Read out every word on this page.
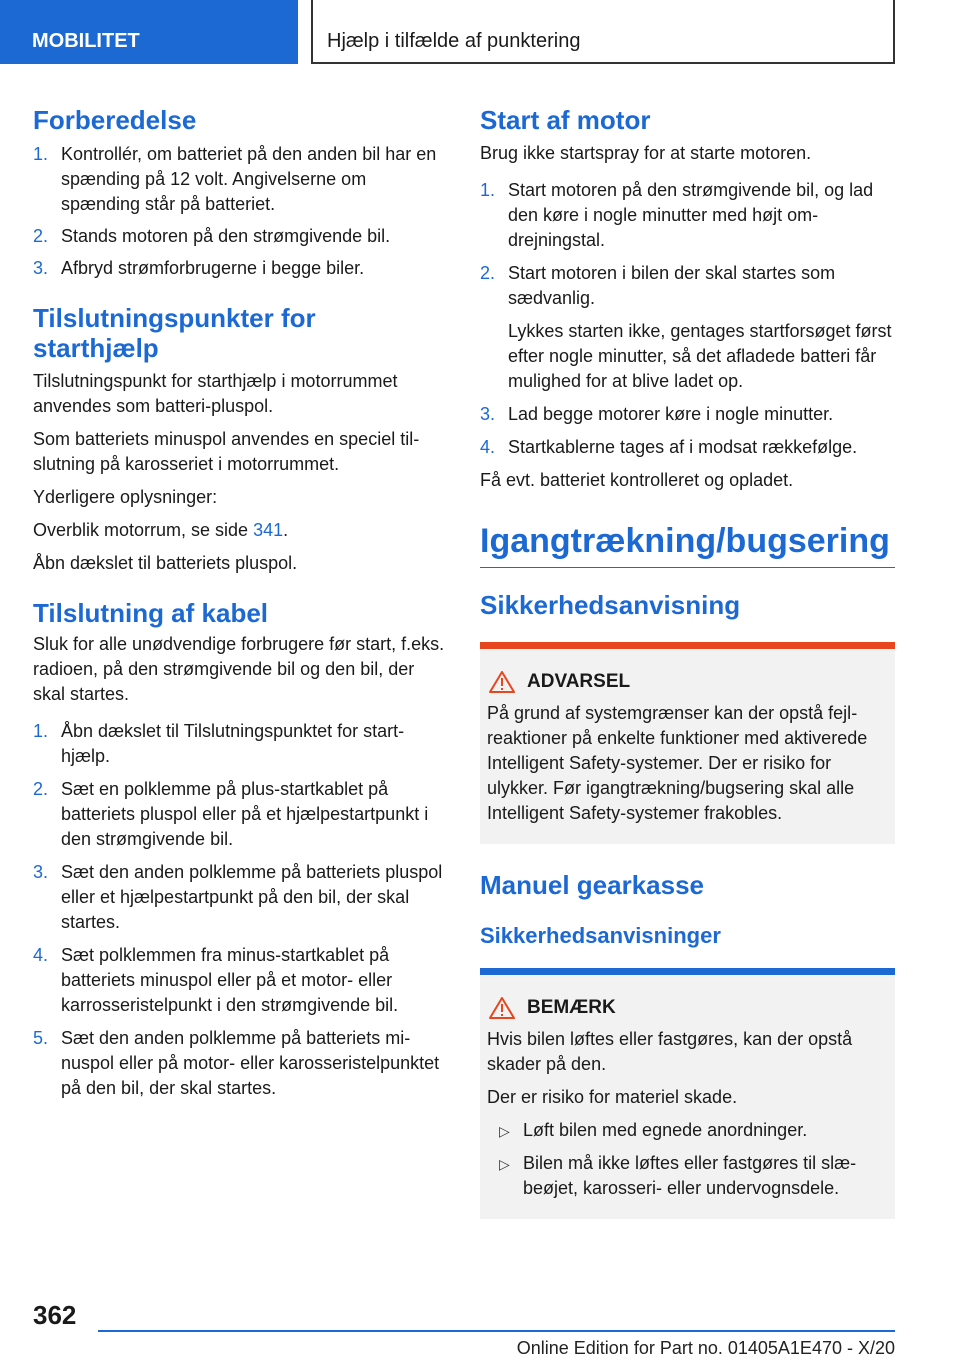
MOBILITET	Hjælp i tilfælde af punktering
Forberedelse
1. Kontrollér, om batteriet på den anden bil har en spænding på 12 volt. Angivelserne om spænding står på batteriet.
2. Stands motoren på den strømgivende bil.
3. Afbryd strømforbrugerne i begge biler.
Tilslutningspunkter for
starthjælp

Tilslutningspunkt for starthjælp i motorrummet anvendes som batteri-pluspol.

Som batteriets minuspol anvendes en speciel tilslutning på karosseriet i motorrummet.

Yderligere oplysninger:

Overblik motorrum, se side 341.

Åbn dækslet til batteriets pluspol.

Tilslutning af kabel

Sluk for alle unødvendige forbrugere før start, f.eks. radioen, på den strømgivende bil og den bil, der skal startes.

1. Åbn dækslet til Tilslutningspunktet for starthjælp.
2. Sæt en polklemme på plus-startkablet på batteriets pluspol eller på et hjælpestartpunkt i den strømgivende bil.
3. Sæt den anden polklemme på batteriets pluspol eller et hjælpestartpunkt på den bil, der skal startes.
4. Sæt polklemmen fra minus-startkablet på batteriets minuspol eller på et motor- eller karrosseristelpunkt i den strømgivende bil.
5. Sæt den anden polklemme på batteriets minuspol eller på motor- eller karosseristelpunktet på den bil, der skal startes.
Start af motor

Brug ikke startspray for at starte motoren.

1. Start motoren på den strømgivende bil, og lad den køre i nogle minutter med højt omdrejningstal.
2. Start motoren i bilen der skal startes som sædvanlig.
Lykkes starten ikke, gentages startforsøget først efter nogle minutter, så det afladede batteri får mulighed for at blive ladet op.
3. Lad begge motorer køre i nogle minutter.
4. Startkablerne tages af i modsat rækkefølge.

Få evt. batteriet kontrolleret og opladet.

Igangtrækning/bugsering
Sikkerhedsanvisning
ADVARSEL

På grund af systemgrænser kan der opstå fejlreaktioner på enkelte funktioner med aktiverede Intelligent Safety-systemer. Der er risiko for ulykker. Før igangtrækning/bugsering skal alle Intelligent Safety-systemer frakobles.

Manuel gearkasse
Sikkerhedsanvisninger
BEMÆRK

Hvis bilen løftes eller fastgøres, kan der opstå skader på den.

Der er risiko for materiel skade.

▷ Løft bilen med egnede anordninger.
▷ Bilen må ikke løftes eller fastgøres til slæbeøjet, karosseri- eller undervognsdele.
362
Online Edition for Part no. 01405A1E470 - X/20
